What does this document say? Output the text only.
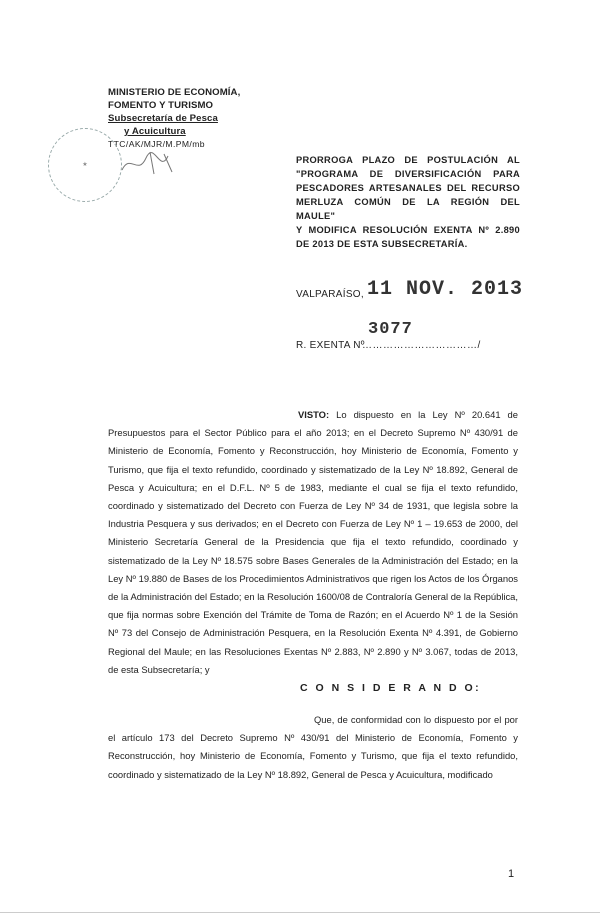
MINISTERIO DE ECONOMÍA,
FOMENTO Y TURISMO
Subsecretaría de Pesca
y Acuicultura
TTC/AK/MJR/M.PM/mb
★	PRORROGA PLAZO DE POSTULACIÓN AL
"PROGRAMA DE DIVERSIFICACIÓN PARA
PESCADORES ARTESANALES DEL RECURSO
MERLUZA COMÚN DE LA REGIÓN DEL MAULE"
Y MODIFICA RESOLUCIÓN EXENTA Nº 2.890
DE 2013 DE ESTA SUBSECRETARÍA.
VALPARAÍSO, 11 NOV. 2013
3077
R. EXENTA Nº
……………………………/
VISTO: Lo dispuesto en la Ley Nº 20.641 de Presupuestos para el Sector Público para el año 2013; en el Decreto Supremo Nº 430/91 de Ministerio de Economía, Fomento y Reconstrucción, hoy Ministerio de Economía, Fomento y Turismo, que fija el texto refundido, coordinado y sistematizado de la Ley Nº 18.892, General de Pesca y Acuicultura; en el D.F.L. Nº 5 de 1983, mediante el cual se fija el texto refundido, coordinado y sistematizado del Decreto con Fuerza de Ley Nº 34 de 1931, que legisla sobre la Industria Pesquera y sus derivados; en el Decreto con Fuerza de Ley Nº 1 – 19.653 de 2000, del Ministerio Secretaría General de la Presidencia que fija el texto refundido, coordinado y sistematizado de la Ley Nº 18.575 sobre Bases Generales de la Administración del Estado; en la Ley Nº 19.880 de Bases de los Procedimientos Administrativos que rigen los Actos de los Órganos de la Administración del Estado; en la Resolución 1600/08 de Contraloría General de la República, que fija normas sobre Exención del Trámite de Toma de Razón; en el Acuerdo Nº 1 de la Sesión Nº 73 del Consejo de Administración Pesquera, en la Resolución Exenta Nº 4.391, de Gobierno Regional del Maule; en las Resoluciones Exentas Nº 2.883, Nº 2.890 y Nº 3.067, todas de 2013, de esta Subsecretaría; y
C O N S I D E R A N D O:
Que, de conformidad con lo dispuesto por el por el artículo 173 del Decreto Supremo Nº 430/91 del Ministerio de Economía, Fomento y Reconstrucción, hoy Ministerio de Economía, Fomento y Turismo, que fija el texto refundido, coordinado y sistematizado de la Ley Nº 18.892, General de Pesca y Acuicultura, modificado
1
